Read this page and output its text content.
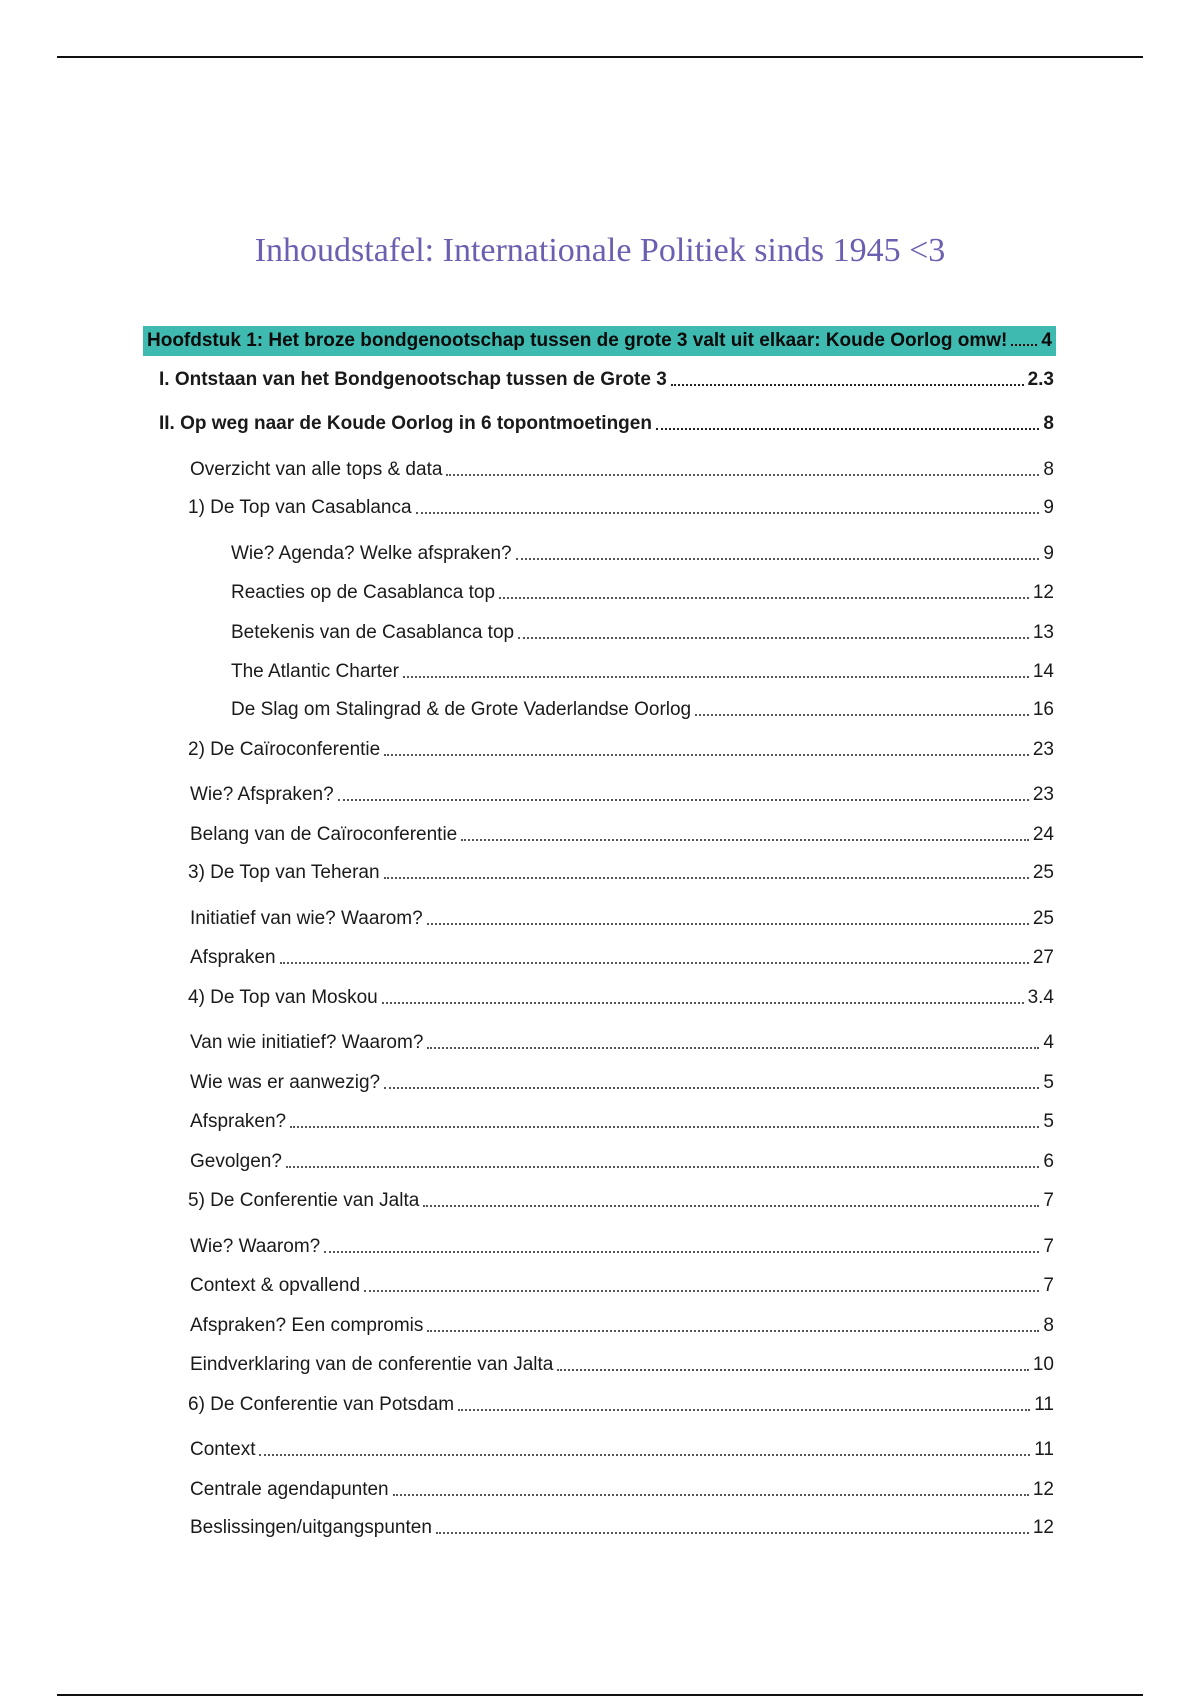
Inhoudstafel: Internationale Politiek sinds 1945 <3
Hoofdstuk 1: Het broze bondgenootschap tussen de grote 3 valt uit elkaar: Koude Oorlog omw! 4
I. Ontstaan van het Bondgenootschap tussen de Grote 3	2.3
II. Op weg naar de Koude Oorlog in 6 topontmoetingen	8
Overzicht van alle tops & data	8
1) De Top van Casablanca	9
Wie? Agenda? Welke afspraken?	9
Reacties op de Casablanca top	12
Betekenis van de Casablanca top	13
The Atlantic Charter	14
De Slag om Stalingrad & de Grote Vaderlandse Oorlog	16
2) De Caïroconferentie	23
Wie? Afspraken?	23
Belang van de Caïroconferentie	24
3) De Top van Teheran	25
Initiatief van wie? Waarom?	25
Afspraken	27
4) De Top van Moskou	3.4
Van wie initiatief? Waarom?	4
Wie was er aanwezig?	5
Afspraken?	5
Gevolgen?	6
5) De Conferentie van Jalta	7
Wie? Waarom?	7
Context & opvallend	7
Afspraken? Een compromis	8
Eindverklaring van de conferentie van Jalta	10
6) De Conferentie van Potsdam	11
Context	11
Centrale agendapunten	12
Beslissingen/uitgangspunten	12
